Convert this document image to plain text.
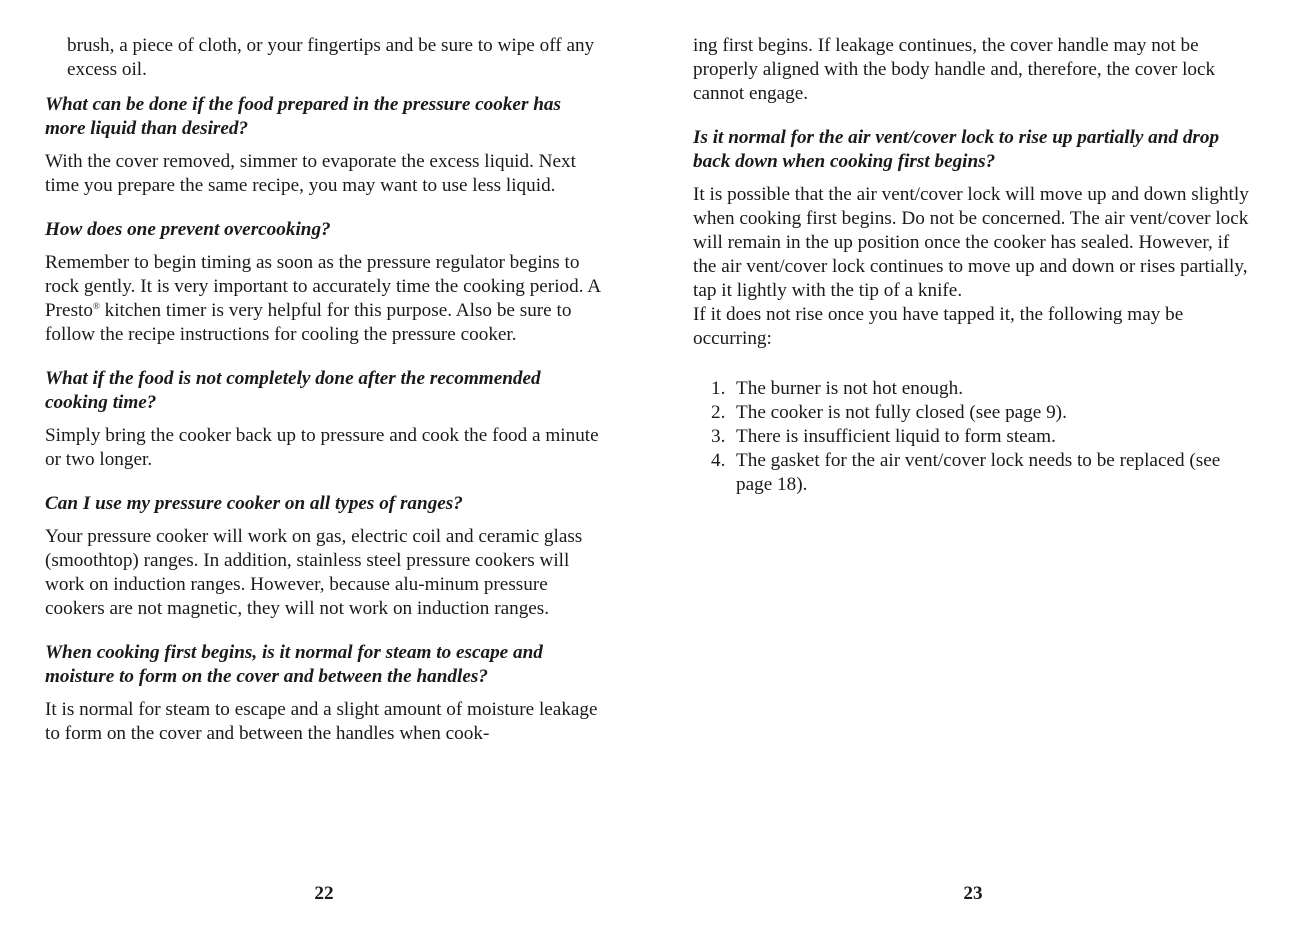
brush, a piece of cloth, or your fingertips and be sure to wipe off any excess oil.

What can be done if the food prepared in the pressure cooker has more liquid than desired?

With the cover removed, simmer to evaporate the excess liquid. Next time you prepare the same recipe, you may want to use less liquid.

How does one prevent overcooking?

Remember to begin timing as soon as the pressure regulator begins to rock gently. It is very important to accurately time the cooking period. A Presto® kitchen timer is very helpful for this purpose. Also be sure to follow the recipe instructions for cooling the pressure cooker.

What if the food is not completely done after the recommended cooking time?

Simply bring the cooker back up to pressure and cook the food a minute or two longer.

Can I use my pressure cooker on all types of ranges?

Your pressure cooker will work on gas, electric coil and ceramic glass (smoothtop) ranges. In addition, stainless steel pressure cookers will work on induction ranges. However, because alu-minum pressure cookers are not magnetic, they will not work on induction ranges.

When cooking first begins, is it normal for steam to escape and moisture to form on the cover and between the handles?

It is normal for steam to escape and a slight amount of moisture leakage to form on the cover and between the handles when cook-

ing first begins. If leakage continues, the cover handle may not be properly aligned with the body handle and, therefore, the cover lock cannot engage.

Is it normal for the air vent/cover lock to rise up partially and drop back down when cooking first begins?

It is possible that the air vent/cover lock will move up and down slightly when cooking first begins. Do not be concerned. The air vent/cover lock will remain in the up position once the cooker has sealed. However, if the air vent/cover lock continues to move up and down or rises partially, tap it lightly with the tip of a knife.

If it does not rise once you have tapped it, the following may be occurring:

1. The burner is not hot enough.
2. The cooker is not fully closed (see page 9).
3. There is insufficient liquid to form steam.
4. The gasket for the air vent/cover lock needs to be replaced (see page 18).
22	23
